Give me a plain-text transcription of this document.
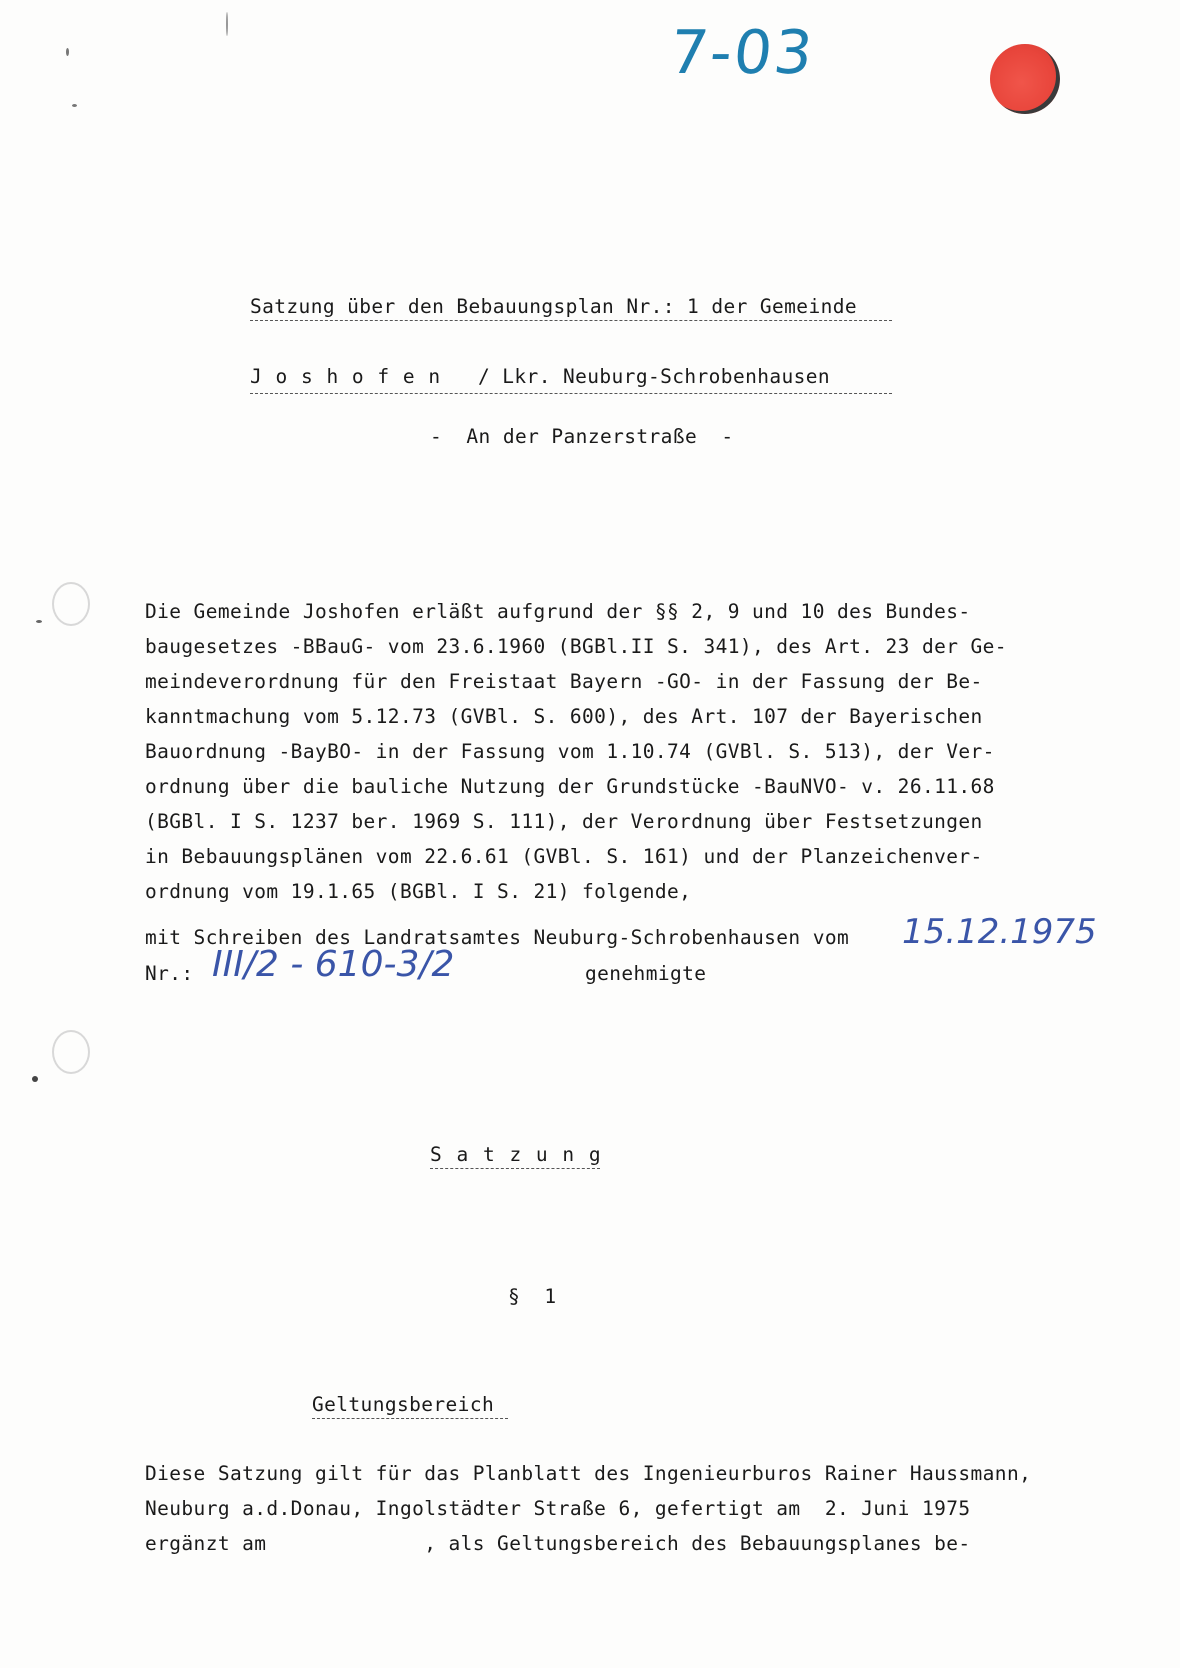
7-03
Satzung über den Bebauungsplan Nr.: 1 der Gemeinde
J o s h o f e n / Lkr. Neuburg-Schrobenhausen
-  An der Panzerstraße  -
Die Gemeinde Joshofen erläßt aufgrund der §§ 2, 9 und 10 des Bundes-
baugesetzes -BBauG- vom 23.6.1960 (BGBl.II S. 341), des Art. 23 der Ge-
meindeverordnung für den Freistaat Bayern -GO- in der Fassung der Be-
kanntmachung vom 5.12.73 (GVBl. S. 600), des Art. 107 der Bayerischen
Bauordnung -BayBO- in der Fassung vom 1.10.74 (GVBl. S. 513), der Ver-
ordnung über die bauliche Nutzung der Grundstücke -BauNVO- v. 26.11.68
(BGBl. I S. 1237 ber. 1969 S. 111), der Verordnung über Festsetzungen
in Bebauungsplänen vom 22.6.61 (GVBl. S. 161) und der Planzeichenver-
ordnung vom 19.1.65 (BGBl. I S. 21) folgende,
mit Schreiben des Landratsamtes Neuburg-Schrobenhausen vom 15.12.1975
Nr.: III/2 - 610-3/2	genehmigte
S a t z u n g
§  1
Geltungsbereich
Diese Satzung gilt für das Planblatt des Ingenieurburos Rainer Haussmann,
Neuburg a.d.Donau, Ingolstädter Straße 6, gefertigt am  2. Juni 1975
ergänzt am             , als Geltungsbereich des Bebauungsplanes be-
